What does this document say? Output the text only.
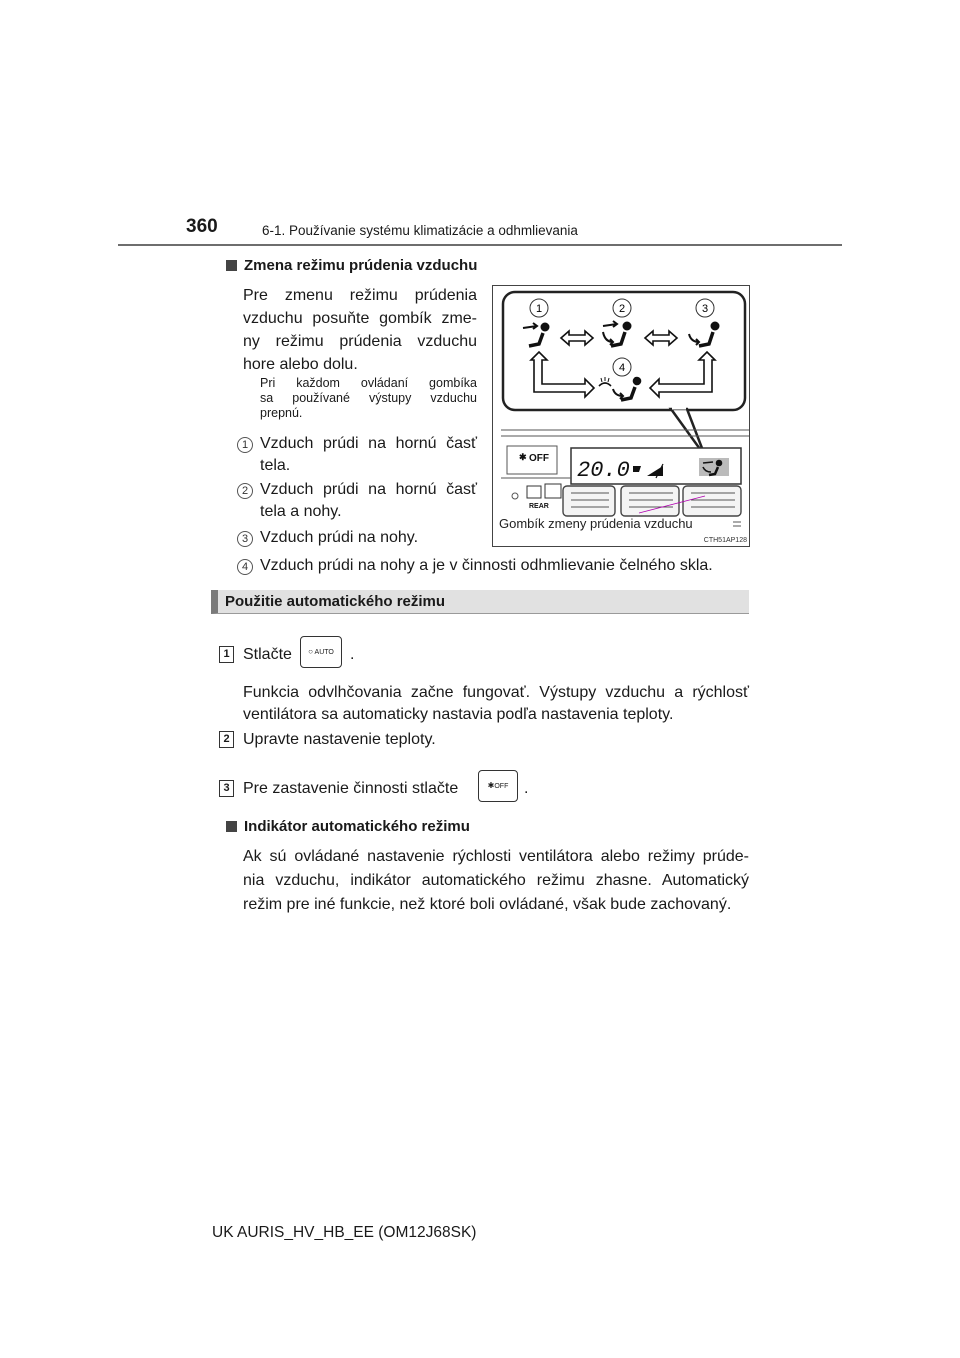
360	6-1. Používanie systému klimatizácie a odhmlievania
Zmena režimu prúdenia vzduchu
Pre zmenu režimu prúdenia
vzduchu posuňte gombík zme-
ny režimu prúdenia vzduchu
hore alebo dolu.
Pri každom ovládaní gombíka
sa používané výstupy vzduchu
prepnú.
1 Vzduch prúdi na hornú časť
tela.
2 Vzduch prúdi na hornú časť
tela a nohy.
3 Vzduch prúdi na nohy.
4 Vzduch prúdi na nohy a je v činnosti odhmlievanie čelného skla.
1	2	3
4
✱ OFF
REAR
20.0
Gombík zmeny prúdenia vzduchu
CTH51AP128
Použitie automatického režimu
1 Stlačte	○ AUTO	.
Funkcia odvlhčovania začne fungovať. Výstupy vzduchu a rýchlosť
ventilátora sa automaticky nastavia podľa nastavenia teploty.
2 Upravte nastavenie teploty.
3 Pre zastavenie činnosti stlačte	✱OFF .
Indikátor automatického režimu
Ak sú ovládané nastavenie rýchlosti ventilátora alebo režimy prúde-
nia vzduchu, indikátor automatického režimu zhasne. Automatický
režim pre iné funkcie, než ktoré boli ovládané, však bude zachovaný.
UK AURIS_HV_HB_EE (OM12J68SK)
